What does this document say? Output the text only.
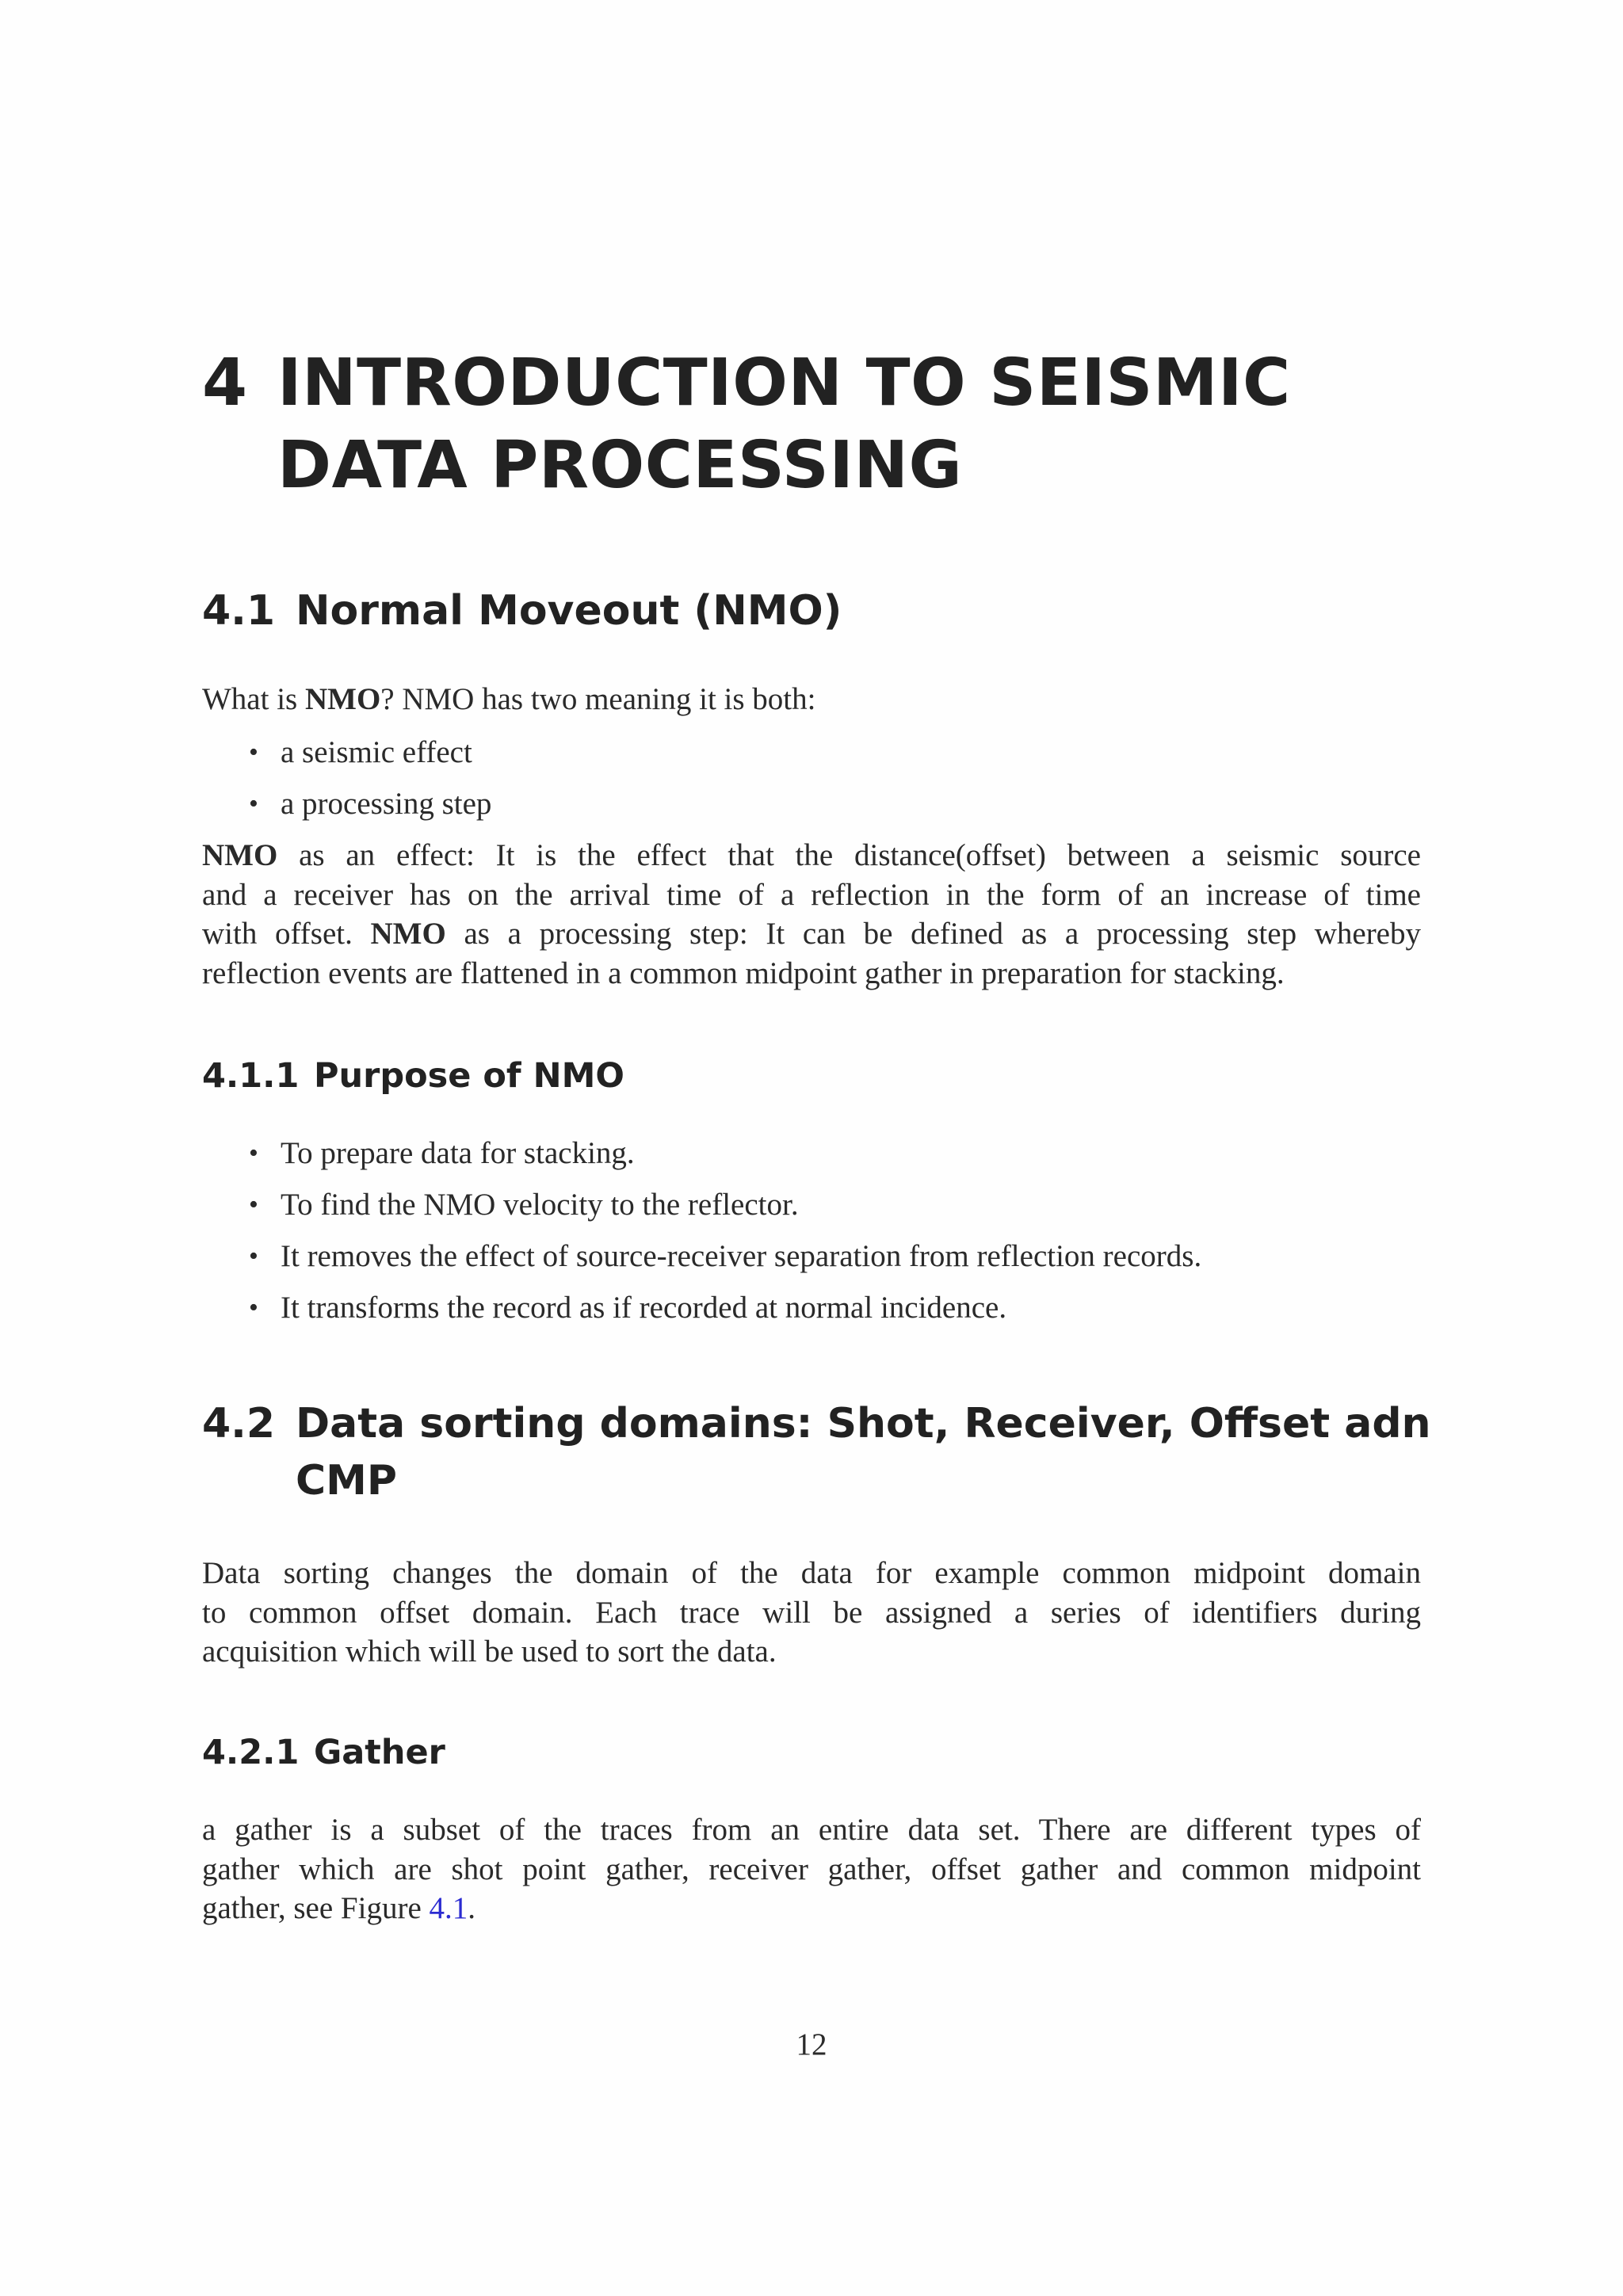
4 INTRODUCTION TO SEISMIC
DATA PROCESSING
4.1 Normal Moveout (NMO)

What is NMO? NMO has two meaning it is both:

• a seismic effect
• a processing step
NMO as an effect: It is the effect that the distance(offset) between a seismic source
and a receiver has on the arrival time of a reflection in the form of an increase of time
with offset. NMO as a processing step: It can be defined as a processing step whereby
reflection events are flattened in a common midpoint gather in preparation for stacking.
4.1.1 Purpose of NMO
• To prepare data for stacking.
• To find the NMO velocity to the reflector.
• It removes the effect of source-receiver separation from reflection records.
• It transforms the record as if recorded at normal incidence.
4.2 Data sorting domains: Shot, Receiver, Offset adn
CMP
Data sorting changes the domain of the data for example common midpoint domain
to common offset domain. Each trace will be assigned a series of identifiers during
acquisition which will be used to sort the data.
4.2.1 Gather
a gather is a subset of the traces from an entire data set. There are different types of
gather which are shot point gather, receiver gather, offset gather and common midpoint
gather, see Figure 4.1.
12
